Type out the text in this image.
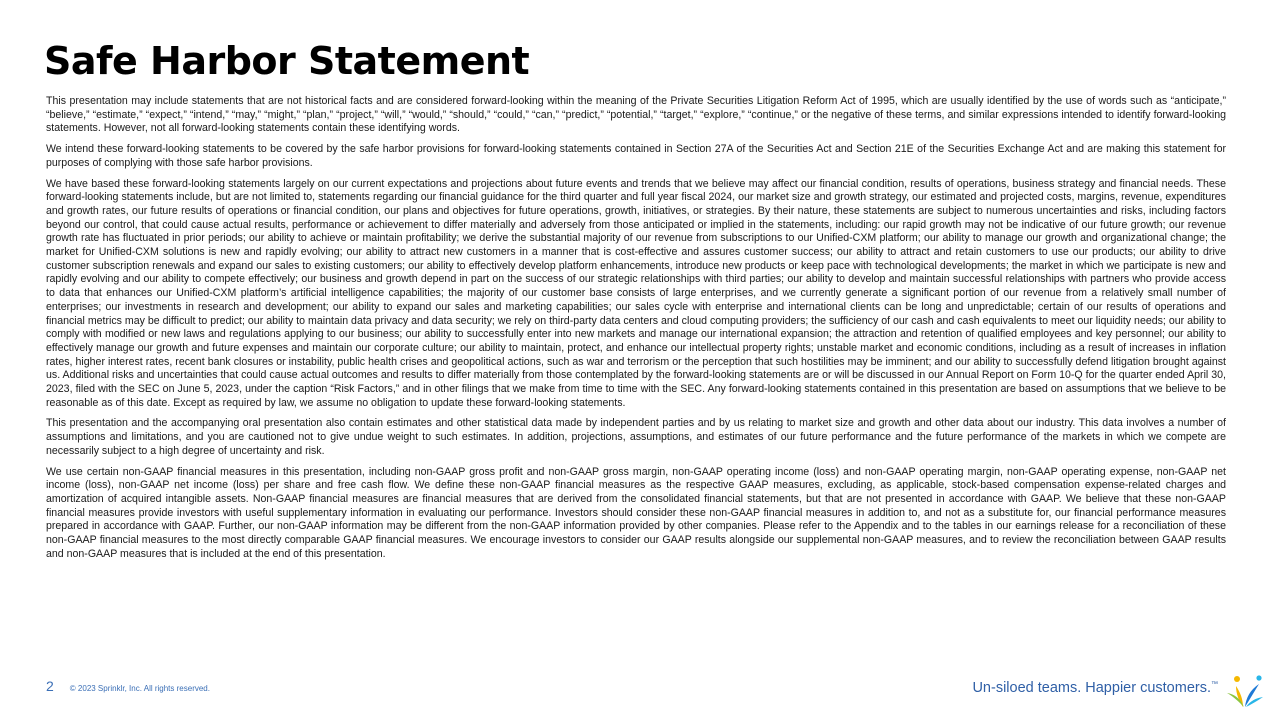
Safe Harbor Statement

This presentation may include statements that are not historical facts and are considered forward-looking within the meaning of the Private Securities Litigation Reform Act of 1995, which are usually identified by the use of words such as “anticipate,” “believe,” “estimate,” “expect,” “intend,” “may,” “might,” “plan,” “project,” “will,” “would,” “should,” “could,” “can,” “predict,” “potential,” “target,” “explore,” “continue,” or the negative of these terms, and similar expressions intended to identify forward-looking statements. However, not all forward-looking statements contain these identifying words.

We intend these forward-looking statements to be covered by the safe harbor provisions for forward-looking statements contained in Section 27A of the Securities Act and Section 21E of the Securities Exchange Act and are making this statement for purposes of complying with those safe harbor provisions.

We have based these forward-looking statements largely on our current expectations and projections about future events and trends that we believe may affect our financial condition, results of operations, business strategy and financial needs. These forward-looking statements include, but are not limited to, statements regarding our financial guidance for the third quarter and full year fiscal 2024, our market size and growth strategy, our estimated and projected costs, margins, revenue, expenditures and growth rates, our future results of operations or financial condition, our plans and objectives for future operations, growth, initiatives, or strategies. By their nature, these statements are subject to numerous uncertainties and risks, including factors beyond our control, that could cause actual results, performance or achievement to differ materially and adversely from those anticipated or implied in the statements, including: our rapid growth may not be indicative of our future growth; our revenue growth rate has fluctuated in prior periods; our ability to achieve or maintain profitability; we derive the substantial majority of our revenue from subscriptions to our Unified-CXM platform; our ability to manage our growth and organizational change; the market for Unified-CXM solutions is new and rapidly evolving; our ability to attract new customers in a manner that is cost-effective and assures customer success; our ability to attract and retain customers to use our products; our ability to drive customer subscription renewals and expand our sales to existing customers; our ability to effectively develop platform enhancements, introduce new products or keep pace with technological developments; the market in which we participate is new and rapidly evolving and our ability to compete effectively; our business and growth depend in part on the success of our strategic relationships with third parties; our ability to develop and maintain successful relationships with partners who provide access to data that enhances our Unified-CXM platform’s artificial intelligence capabilities; the majority of our customer base consists of large enterprises, and we currently generate a significant portion of our revenue from a relatively small number of enterprises; our investments in research and development; our ability to expand our sales and marketing capabilities; our sales cycle with enterprise and international clients can be long and unpredictable; certain of our results of operations and financial metrics may be difficult to predict; our ability to maintain data privacy and data security; we rely on third-party data centers and cloud computing providers; the sufficiency of our cash and cash equivalents to meet our liquidity needs; our ability to comply with modified or new laws and regulations applying to our business; our ability to successfully enter into new markets and manage our international expansion; the attraction and retention of qualified employees and key personnel; our ability to effectively manage our growth and future expenses and maintain our corporate culture; our ability to maintain, protect, and enhance our intellectual property rights; unstable market and economic conditions, including as a result of increases in inflation rates, higher interest rates, recent bank closures or instability, public health crises and geopolitical actions, such as war and terrorism or the perception that such hostilities may be imminent; and our ability to successfully defend litigation brought against us. Additional risks and uncertainties that could cause actual outcomes and results to differ materially from those contemplated by the forward-looking statements are or will be discussed in our Annual Report on Form 10-Q for the quarter ended April 30, 2023, filed with the SEC on June 5, 2023, under the caption “Risk Factors,” and in other filings that we make from time to time with the SEC. Any forward-looking statements contained in this presentation are based on assumptions that we believe to be reasonable as of this date. Except as required by law, we assume no obligation to update these forward-looking statements.

This presentation and the accompanying oral presentation also contain estimates and other statistical data made by independent parties and by us relating to market size and growth and other data about our industry. This data involves a number of assumptions and limitations, and you are cautioned not to give undue weight to such estimates. In addition, projections, assumptions, and estimates of our future performance and the future performance of the markets in which we compete are necessarily subject to a high degree of uncertainty and risk.

We use certain non-GAAP financial measures in this presentation, including non-GAAP gross profit and non-GAAP gross margin, non-GAAP operating income (loss) and non-GAAP operating margin, non-GAAP operating expense, non-GAAP net income (loss), non-GAAP net income (loss) per share and free cash flow. We define these non-GAAP financial measures as the respective GAAP measures, excluding, as applicable, stock-based compensation expense-related charges and amortization of acquired intangible assets. Non-GAAP financial measures are financial measures that are derived from the consolidated financial statements, but that are not presented in accordance with GAAP. We believe that these non-GAAP financial measures provide investors with useful supplementary information in evaluating our performance. Investors should consider these non-GAAP financial measures in addition to, and not as a substitute for, our financial performance measures prepared in accordance with GAAP. Further, our non-GAAP information may be different from the non-GAAP information provided by other companies. Please refer to the Appendix and to the tables in our earnings release for a reconciliation of these non-GAAP financial measures to the most directly comparable GAAP financial measures. We encourage investors to consider our GAAP results alongside our supplemental non-GAAP measures, and to review the reconciliation between GAAP results and non-GAAP measures that is included at the end of this presentation.

2 © 2023 Sprinklr, Inc. All rights reserved.	Un-siloed teams. Happier customers.™
